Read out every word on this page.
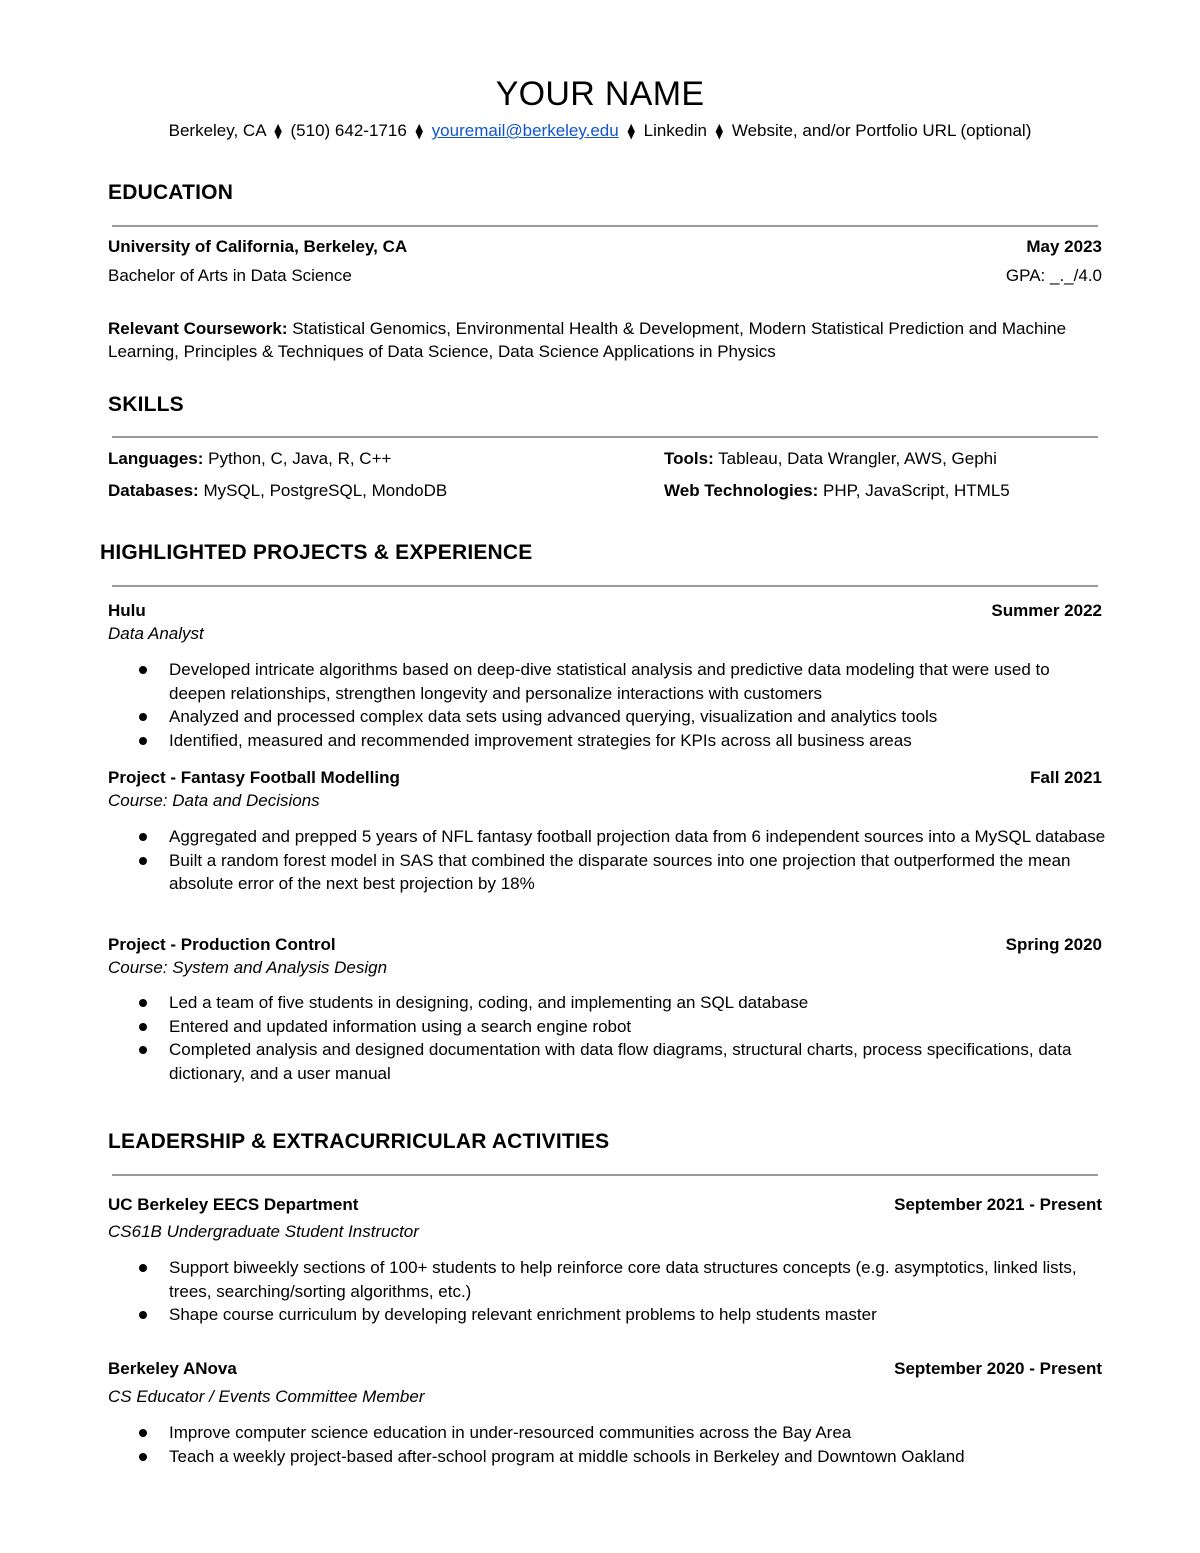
YOUR NAME
Berkeley, CA ⧫ (510) 642-1716 ⧫ youremail@berkeley.edu ⧫ Linkedin ⧫ Website, and/or Portfolio URL (optional)
EDUCATION
University of California, Berkeley, CA	May 2023
Bachelor of Arts in Data Science	GPA: _._/4.0
Relevant Coursework: Statistical Genomics, Environmental Health & Development, Modern Statistical Prediction and Machine Learning, Principles & Techniques of Data Science, Data Science Applications in Physics
SKILLS
Languages: Python, C, Java, R, C++	Tools: Tableau, Data Wrangler, AWS, Gephi
Databases: MySQL, PostgreSQL, MondoDB	Web Technologies: PHP, JavaScript, HTML5
HIGHLIGHTED PROJECTS & EXPERIENCE
Hulu	Summer 2022
Data Analyst
Developed intricate algorithms based on deep-dive statistical analysis and predictive data modeling that were used to deepen relationships, strengthen longevity and personalize interactions with customers
Analyzed and processed complex data sets using advanced querying, visualization and analytics tools
Identified, measured and recommended improvement strategies for KPIs across all business areas
Project - Fantasy Football Modelling	Fall 2021
Course: Data and Decisions
Aggregated and prepped 5 years of NFL fantasy football projection data from 6 independent sources into a MySQL database
Built a random forest model in SAS that combined the disparate sources into one projection that outperformed the mean absolute error of the next best projection by 18%
Project - Production Control	Spring 2020
Course: System and Analysis Design
Led a team of five students in designing, coding, and implementing an SQL database
Entered and updated information using a search engine robot
Completed analysis and designed documentation with data flow diagrams, structural charts, process specifications, data dictionary, and a user manual
LEADERSHIP & EXTRACURRICULAR ACTIVITIES
UC Berkeley EECS Department	September 2021 - Present
CS61B Undergraduate Student Instructor
Support biweekly sections of 100+ students to help reinforce core data structures concepts (e.g. asymptotics, linked lists, trees, searching/sorting algorithms, etc.)
Shape course curriculum by developing relevant enrichment problems to help students master
Berkeley ANova	September 2020 - Present
CS Educator / Events Committee Member
Improve computer science education in under-resourced communities across the Bay Area
Teach a weekly project-based after-school program at middle schools in Berkeley and Downtown Oakland
